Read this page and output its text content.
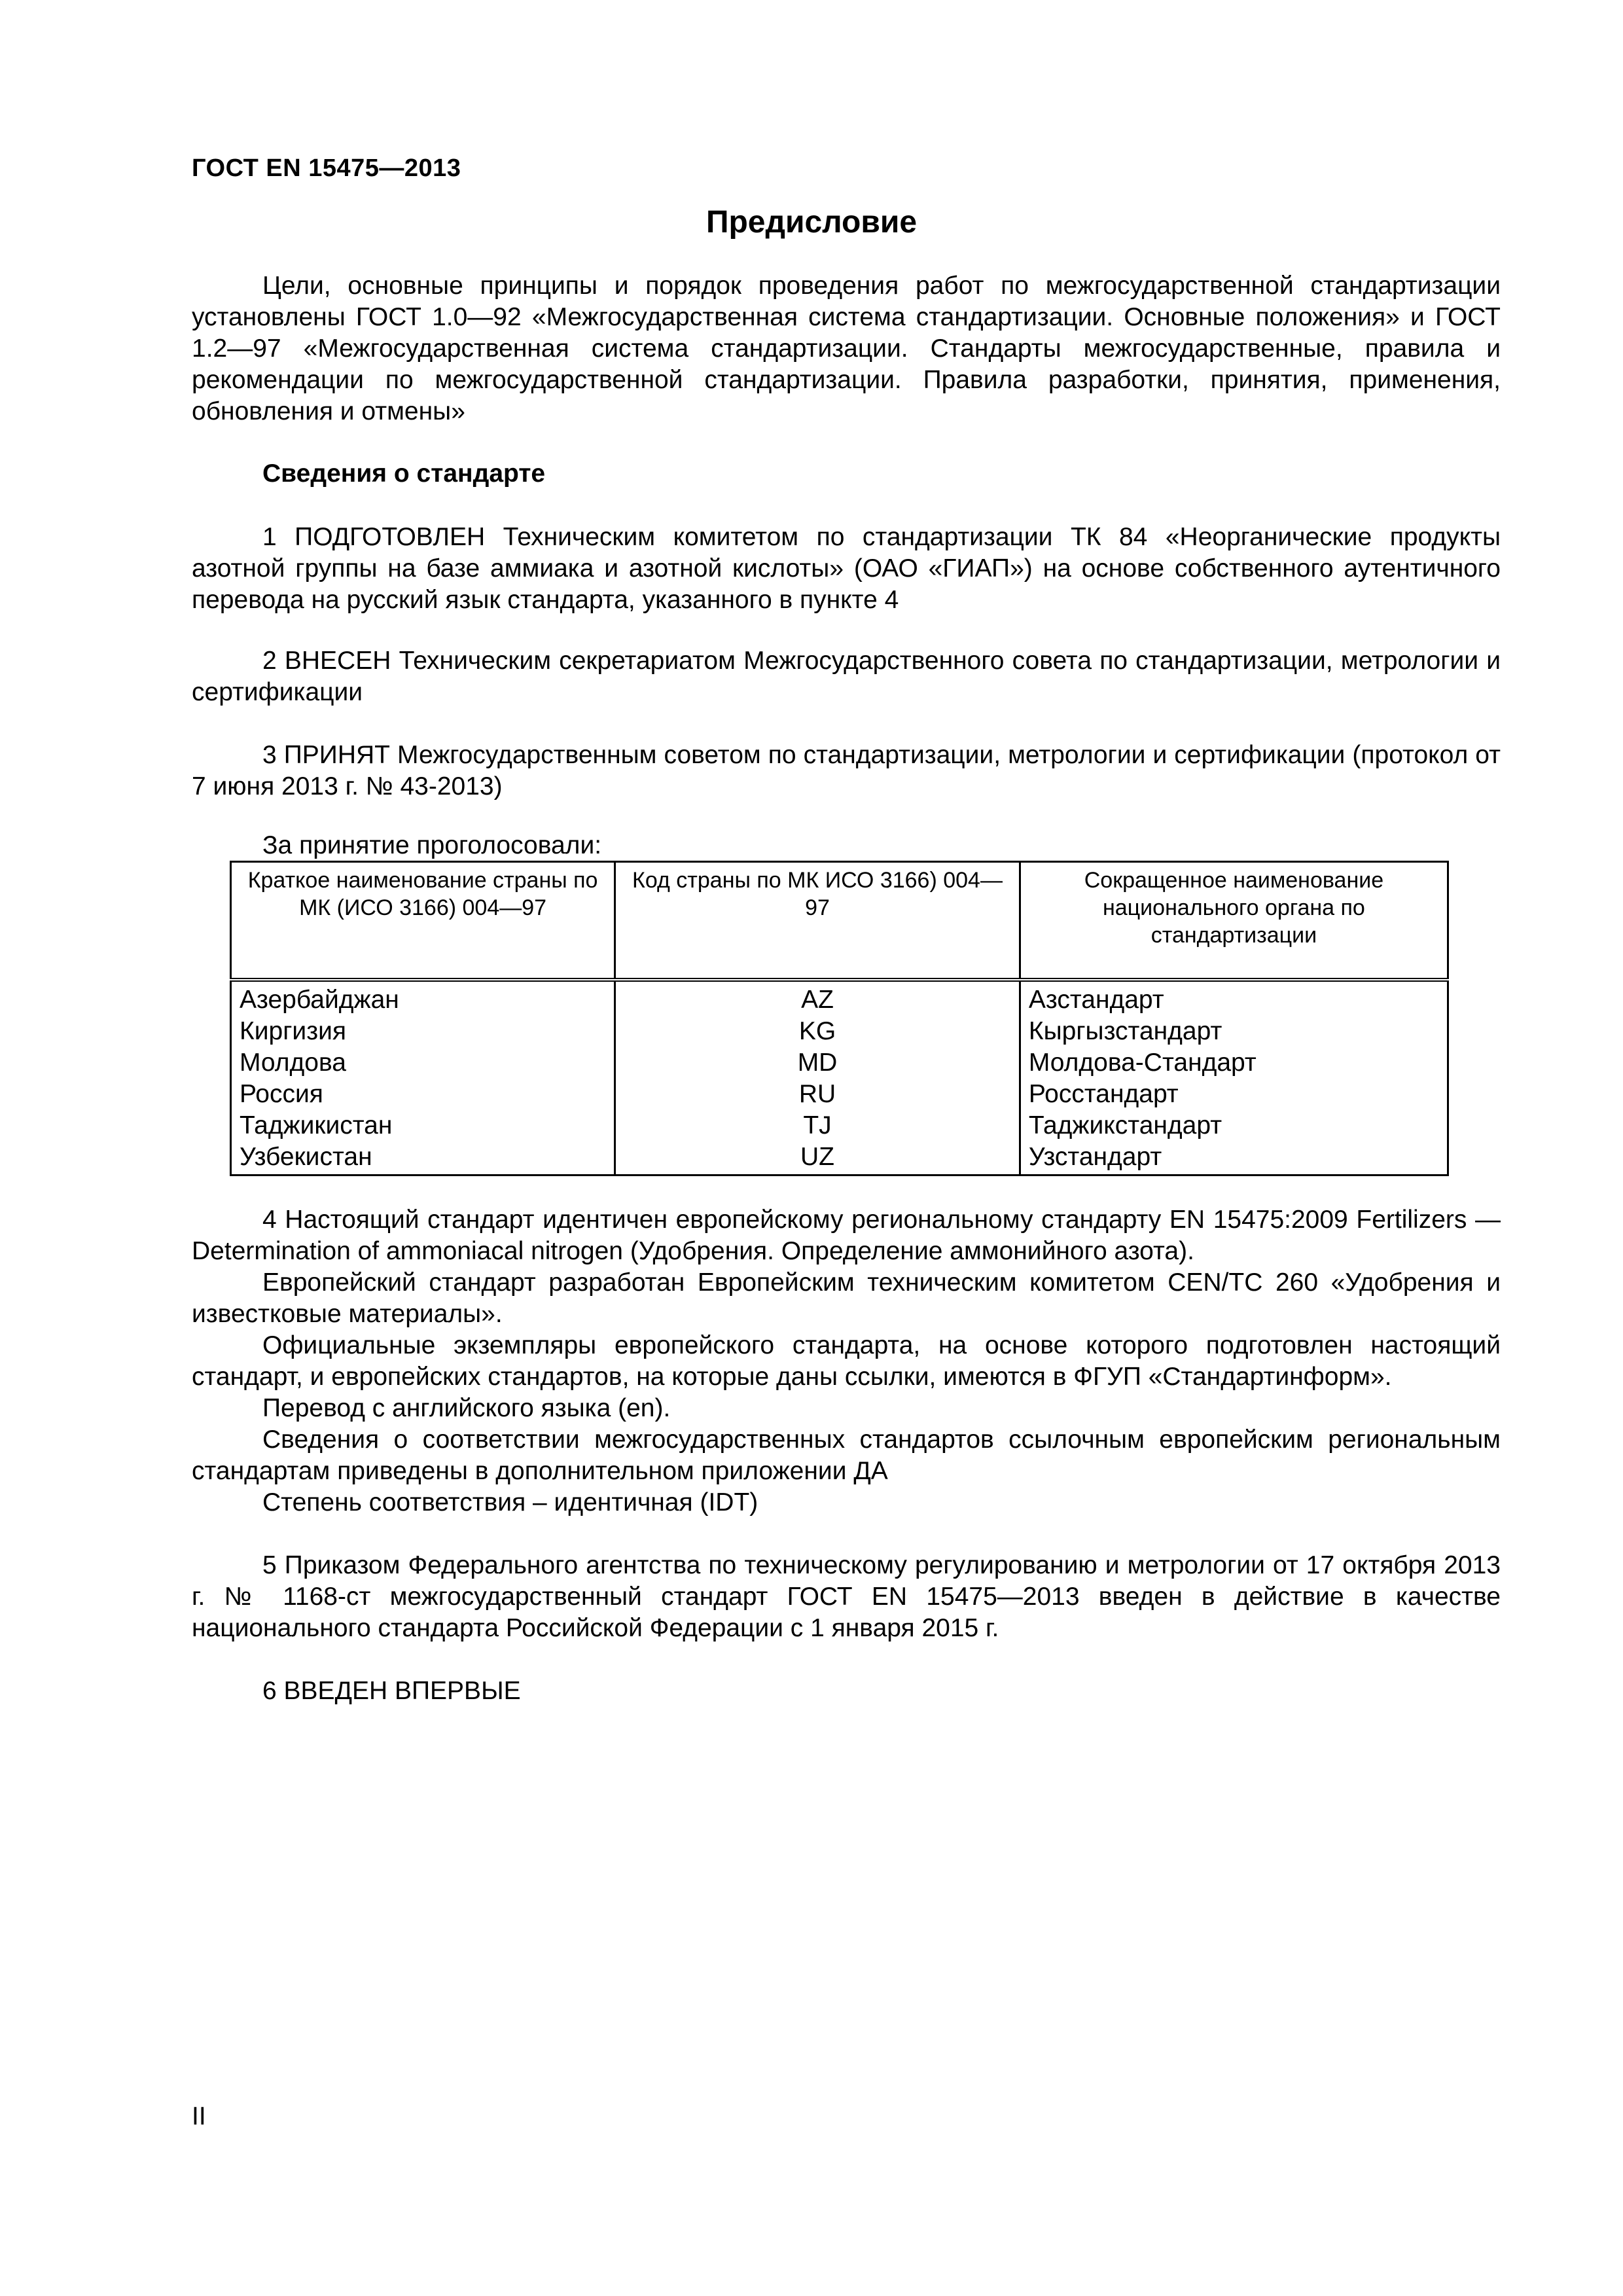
ГОСТ EN 15475—2013
Предисловие

Цели, основные принципы и порядок проведения работ по межгосударственной стандартизации установлены ГОСТ 1.0—92 «Межгосударственная система стандартизации. Основные положения» и ГОСТ 1.2—97 «Межгосударственная система стандартизации. Стандарты межгосударственные, правила и рекомендации по межгосударственной стандартизации. Правила разработки, принятия, применения, обновления и отмены»

Сведения о стандарте

1 ПОДГОТОВЛЕН Техническим комитетом по стандартизации ТК 84 «Неорганические продукты азотной группы на базе аммиака и азотной кислоты» (ОАО «ГИАП») на основе собственного аутентичного перевода на русский язык стандарта, указанного в пункте 4

2 ВНЕСЕН Техническим секретариатом Межгосударственного совета по стандартизации, метрологии и сертификации

3 ПРИНЯТ Межгосударственным советом по стандартизации, метрологии и сертификации (протокол от 7 июня 2013 г. № 43-2013)

За принятие проголосовали:
Краткое наименование страны по МК (ИСО 3166) 004—97	Код страны по МК ИСО 3166) 004—97	Сокращенное наименование национального органа по стандартизации
Азербайджан	AZ	Азстандарт
Киргизия	KG	Кыргызстандарт
Молдова	MD	Молдова-Стандарт
Россия	RU	Росстандарт
Таджикистан	TJ	Таджикстандарт
Узбекистан	UZ	Узстандарт

4 Настоящий стандарт идентичен европейскому региональному стандарту EN 15475:2009 Fertilizers — Determination of ammoniacal nitrogen (Удобрения. Определение аммонийного азота).

Европейский стандарт разработан Европейским техническим комитетом CEN/TC 260 «Удобрения и известковые материалы».

Официальные экземпляры европейского стандарта, на основе которого подготовлен настоящий стандарт, и европейских стандартов, на которые даны ссылки, имеются в ФГУП «Стандартинформ».

Перевод с английского языка (en).

Сведения о соответствии межгосударственных стандартов ссылочным европейским региональным стандартам приведены в дополнительном приложении ДА

Степень соответствия – идентичная (IDT)

5 Приказом Федерального агентства по техническому регулированию и метрологии от 17 октября 2013 г. № 1168-ст межгосударственный стандарт ГОСТ EN 15475—2013 введен в действие в качестве национального стандарта Российской Федерации с 1 января 2015 г.

6 ВВЕДЕН ВПЕРВЫЕ

II
